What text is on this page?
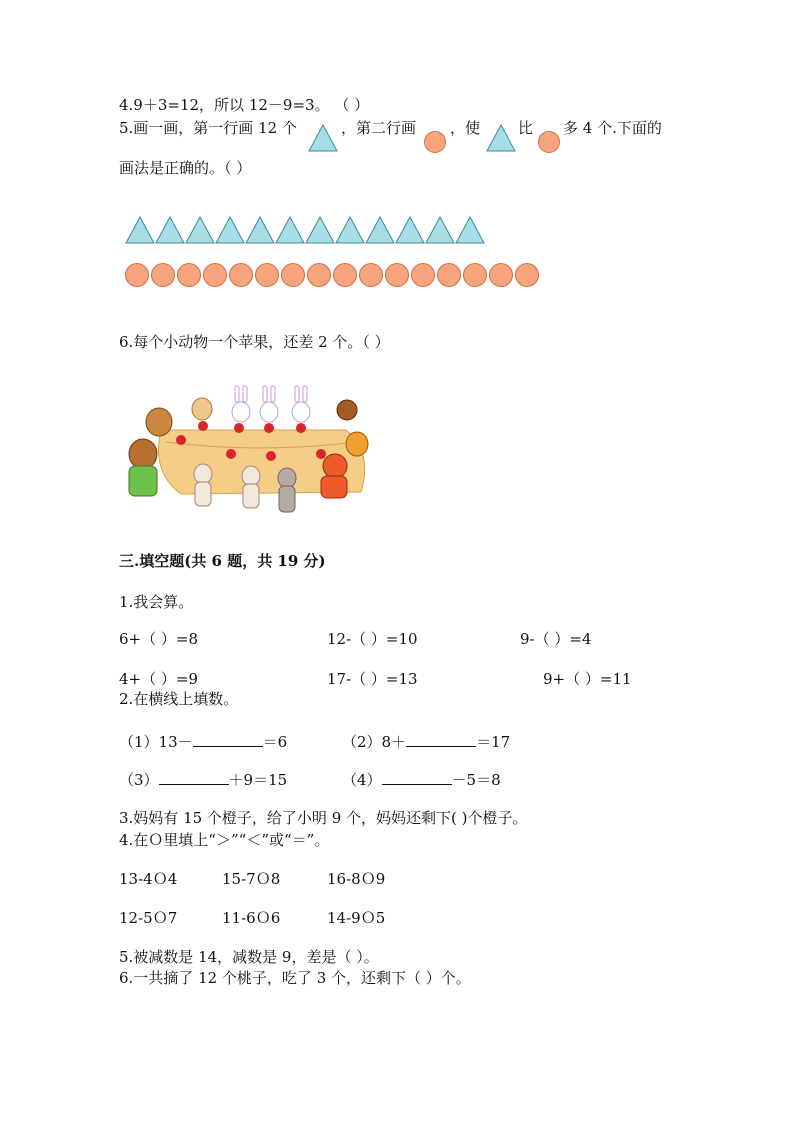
4.9＋3=12，所以 12－9=3。 （ ）
5.画一画，第一行画 12 个	，第二行画 ，使	比 多 4 个.下面的
画法是正确的。（ ）
6.每个小动物一个苹果，还差 2 个。（ ）
三.填空题(共 6 题，共 19 分)
1.我会算。
6+（ ）=8	12-（ ）=10	9-（ ）=4
4+（ ）=9	17-（ ）=13	9+（ ）=11
2.在横线上填数。
（1）13－	＝6	（2）8＋	＝17
（3）	＋9＝15	（4）	－5＝8
3.妈妈有 15 个橙子，给了小明 9 个，妈妈还剩下( )个橙子。
4.在Ｏ里填上“＞”“＜”或“＝”。
13-4Ｏ4	15-7Ｏ8	16-8Ｏ9
12-5Ｏ7	11-6Ｏ6	14-9Ｏ5
5.被减数是 14，减数是 9，差是（ ）。
6.一共摘了 12 个桃子，吃了 3 个，还剩下（ ）个。
